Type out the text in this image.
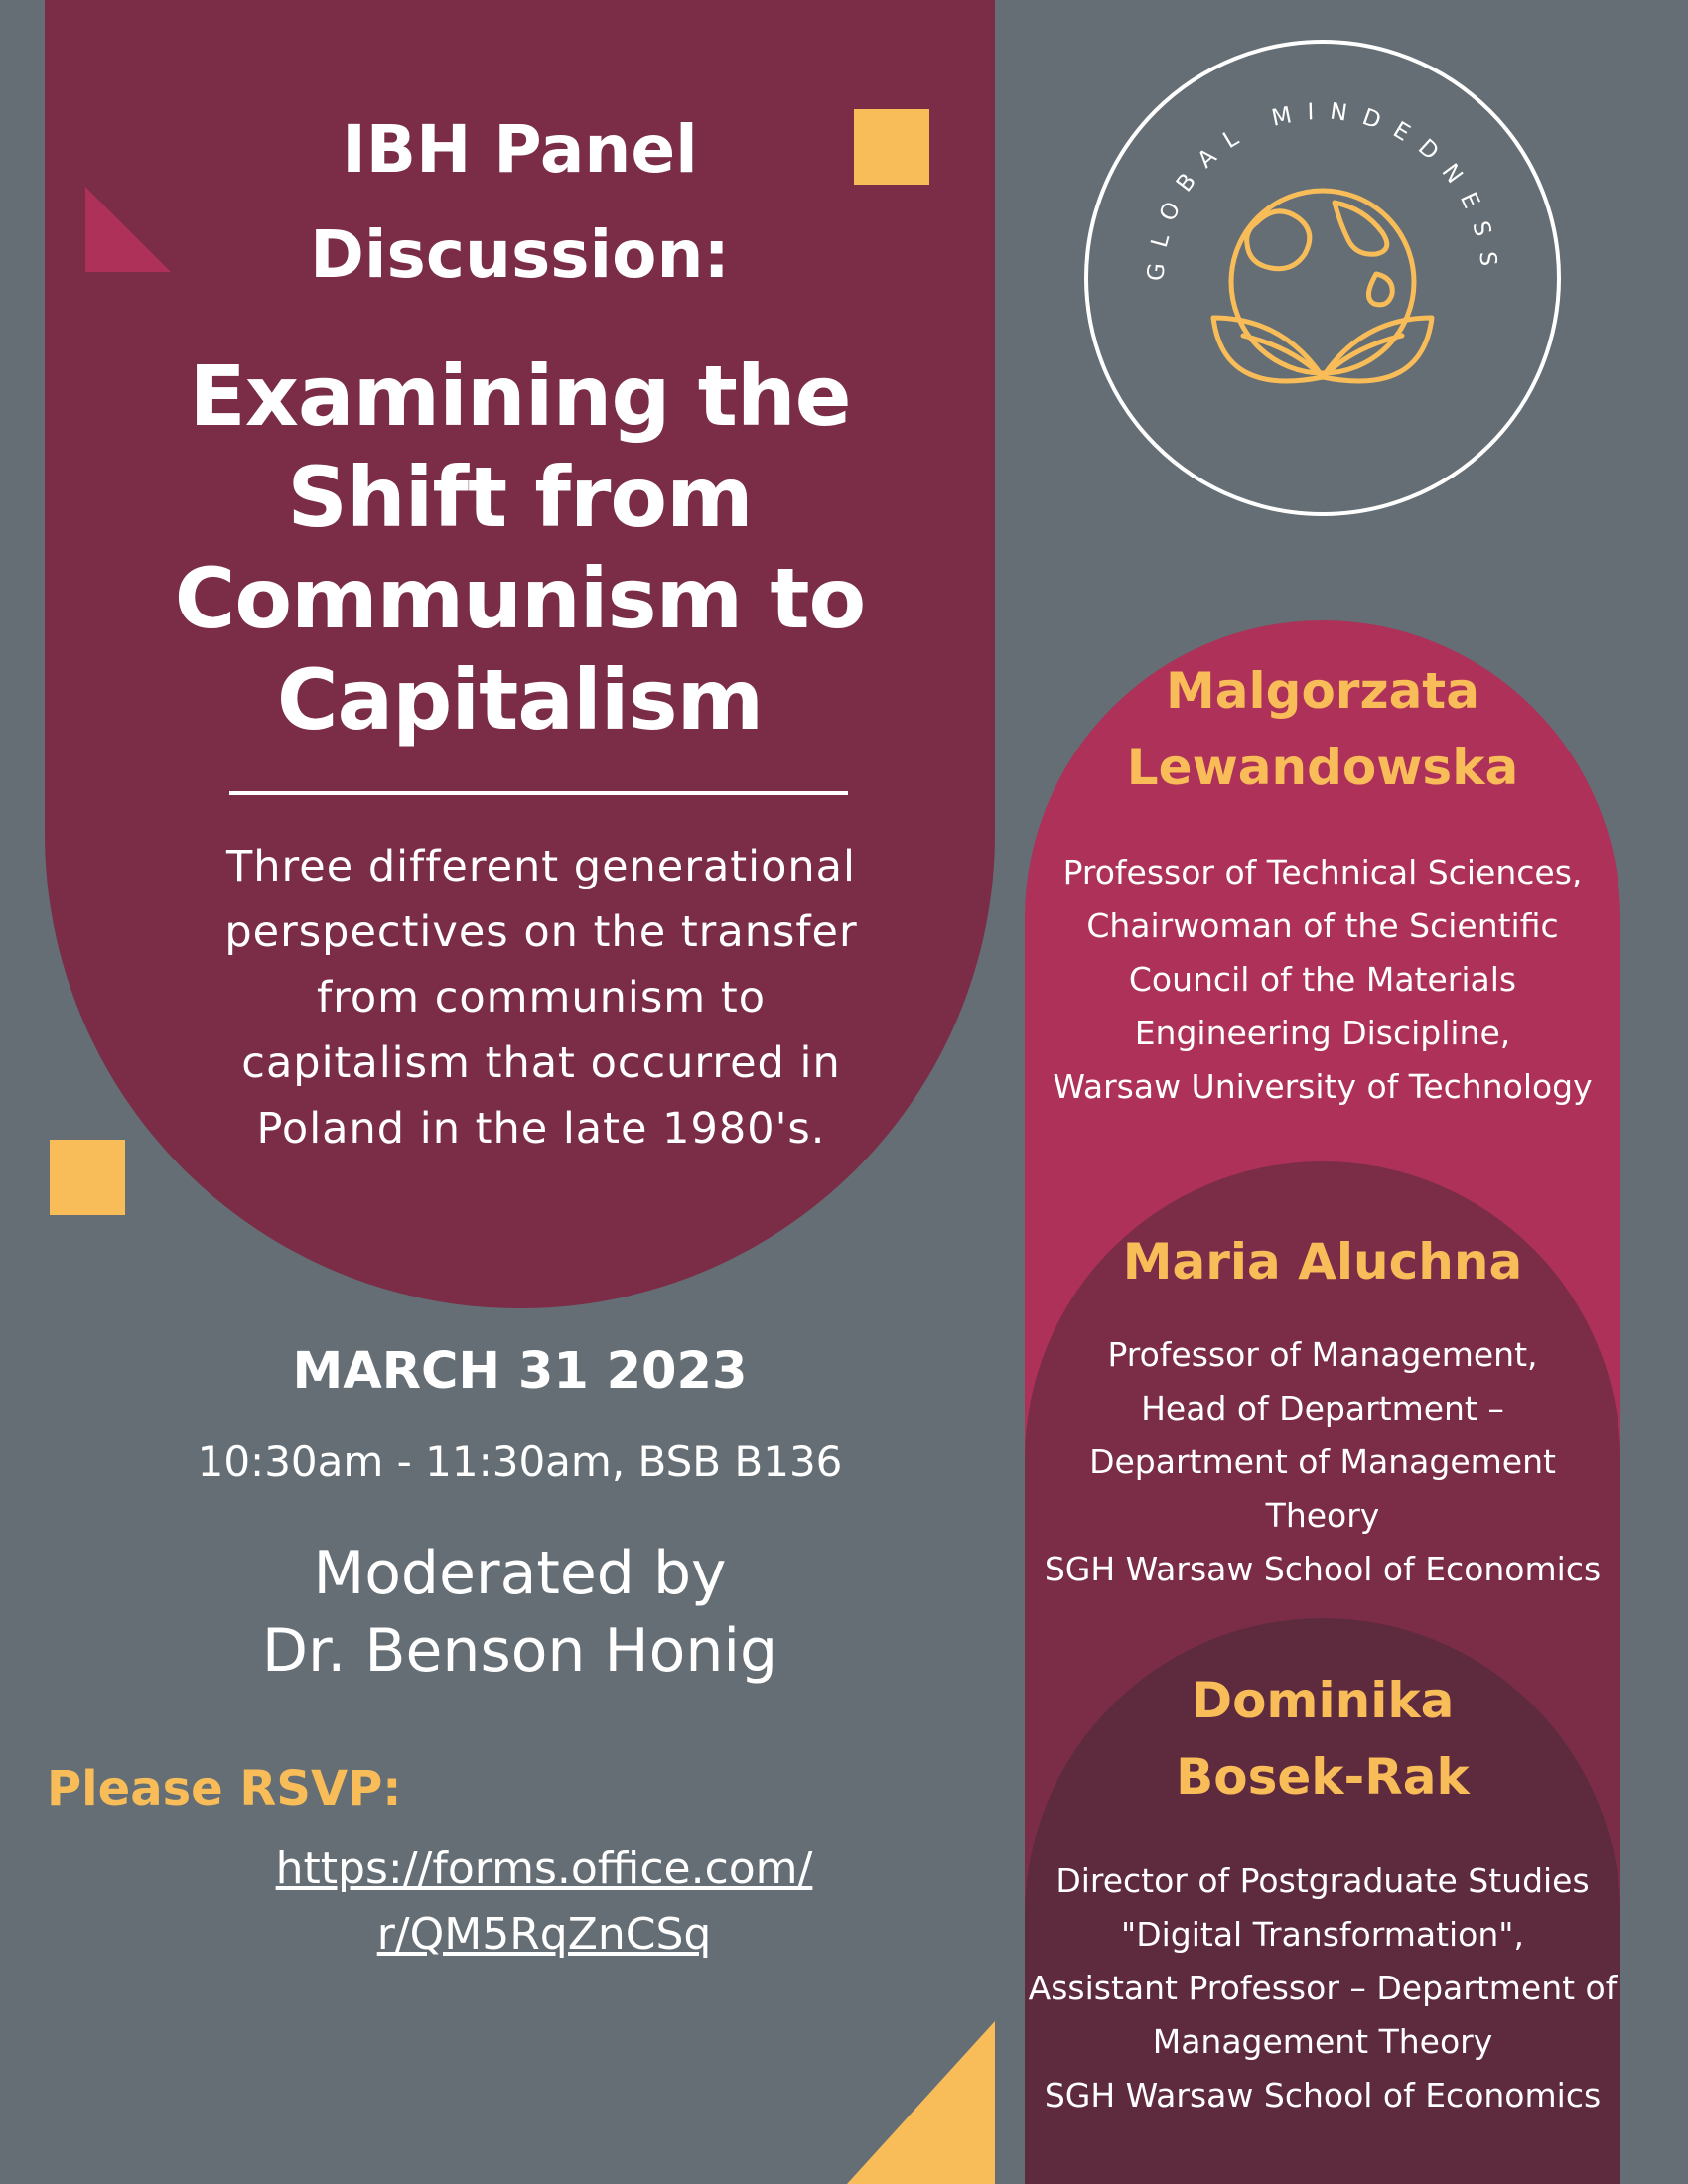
IBH Panel
Discussion:
Examining the
Shift from
Communism to
Capitalism
Three different generational
perspectives on the transfer
from communism to
capitalism that occurred in
Poland in the late 1980's.
MARCH 31 2023
10:30am - 11:30am, BSB B136
Moderated by
Dr. Benson Honig
Please RSVP:
https://forms.office.com/
r/QM5RqZnCSq
GLOBAL MINDEDNESS
Malgorzata
Lewandowska
Professor of Technical Sciences,
Chairwoman of the Scientific
Council of the Materials
Engineering Discipline,
Warsaw University of Technology
Maria Aluchna
Professor of Management,
Head of Department –
Department of Management
Theory
SGH Warsaw School of Economics
Dominika
Bosek-Rak
Director of Postgraduate Studies
"Digital Transformation",
Assistant Professor – Department of
Management Theory
SGH Warsaw School of Economics
